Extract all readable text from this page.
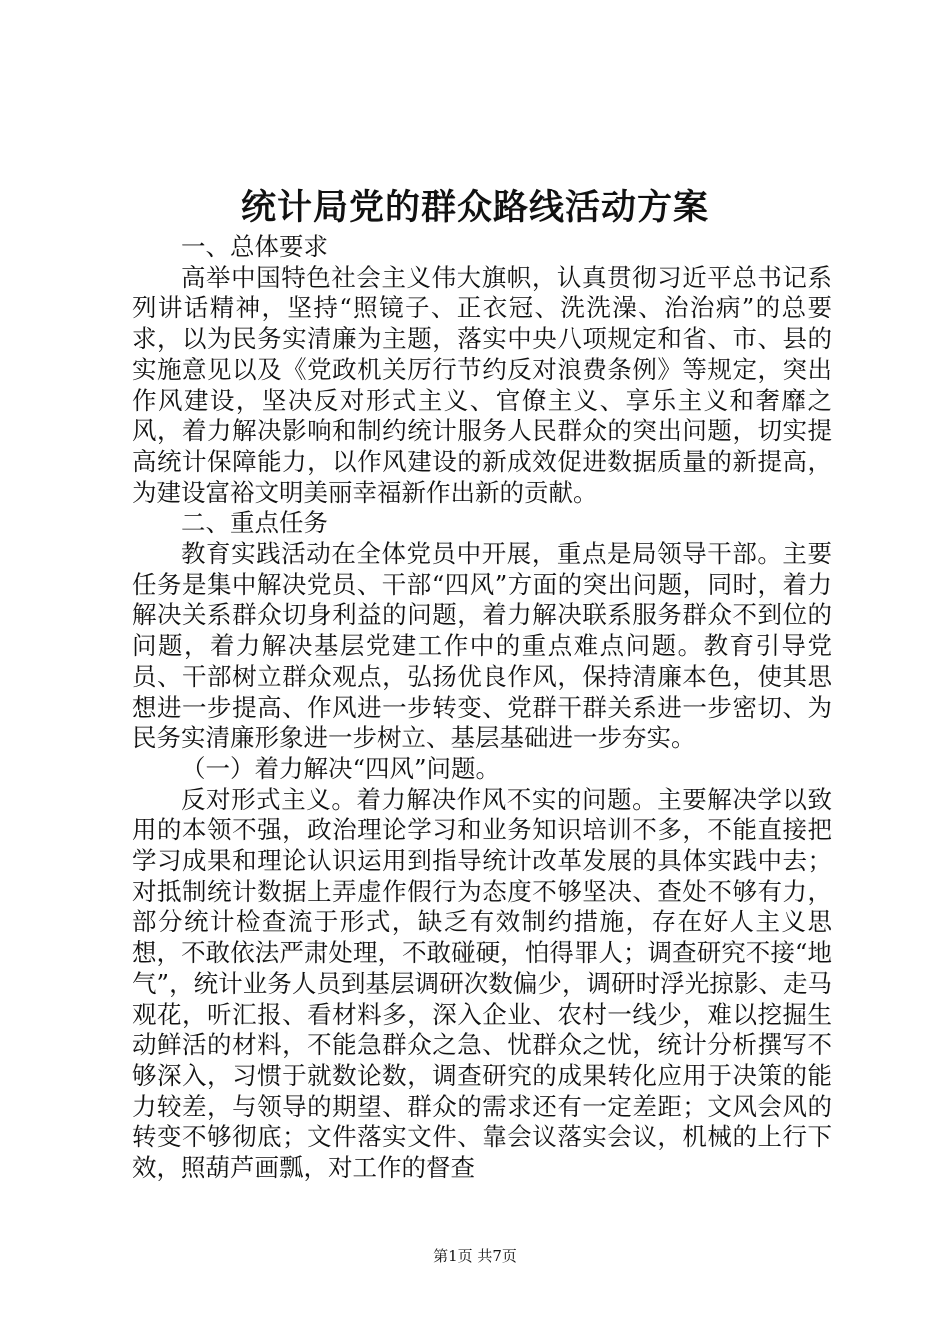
统计局党的群众路线活动方案

一、总体要求

高举中国特色社会主义伟大旗帜，认真贯彻习近平总书记系列讲话精神，坚持“照镜子、正衣冠、洗洗澡、治治病”的总要求，以为民务实清廉为主题，落实中央八项规定和省、市、县的实施意见以及《党政机关厉行节约反对浪费条例》等规定，突出作风建设，坚决反对形式主义、官僚主义、享乐主义和奢靡之风，着力解决影响和制约统计服务人民群众的突出问题，切实提高统计保障能力，以作风建设的新成效促进数据质量的新提高，为建设富裕文明美丽幸福新作出新的贡献。

二、重点任务

教育实践活动在全体党员中开展，重点是局领导干部。主要任务是集中解决党员、干部“四风”方面的突出问题，同时，着力解决关系群众切身利益的问题，着力解决联系服务群众不到位的问题，着力解决基层党建工作中的重点难点问题。教育引导党员、干部树立群众观点，弘扬优良作风，保持清廉本色，使其思想进一步提高、作风进一步转变、党群干群关系进一步密切、为民务实清廉形象进一步树立、基层基础进一步夯实。

（一）着力解决“四风”问题。

反对形式主义。着力解决作风不实的问题。主要解决学以致用的本领不强，政治理论学习和业务知识培训不多，不能直接把学习成果和理论认识运用到指导统计改革发展的具体实践中去；对抵制统计数据上弄虚作假行为态度不够坚决、查处不够有力，部分统计检查流于形式，缺乏有效制约措施，存在好人主义思想，不敢依法严肃处理，不敢碰硬，怕得罪人；调查研究不接“地气”，统计业务人员到基层调研次数偏少，调研时浮光掠影、走马观花，听汇报、看材料多，深入企业、农村一线少，难以挖掘生动鲜活的材料，不能急群众之急、忧群众之忧，统计分析撰写不够深入，习惯于就数论数，调查研究的成果转化应用于决策的能力较差，与领导的期望、群众的需求还有一定差距；文风会风的转变不够彻底；文件落实文件、靠会议落实会议，机械的上行下效，照葫芦画瓢，对工作的督查

第1页 共7页
